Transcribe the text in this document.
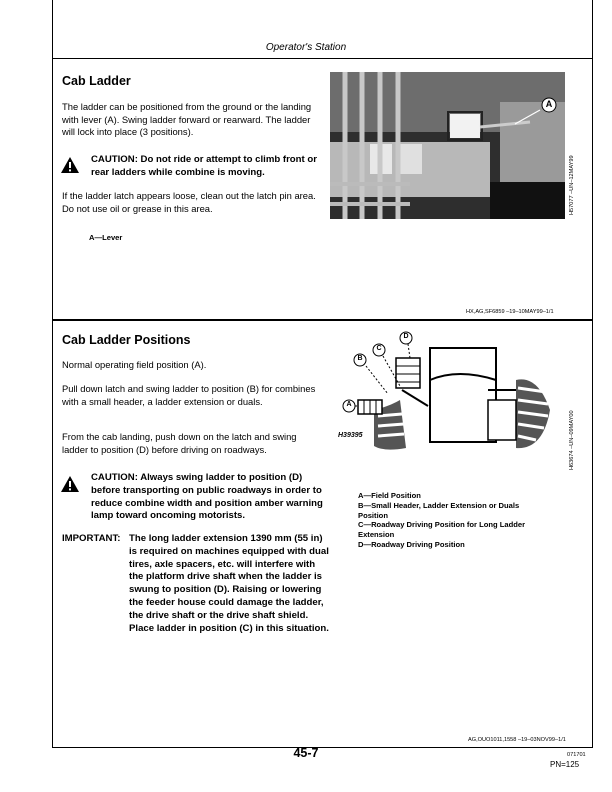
Operator's Station
Cab Ladder
The ladder can be positioned from the ground or the landing with lever (A). Swing ladder forward or rearward. The ladder will lock into place (3 positions).
CAUTION: Do not ride or attempt to climb front or rear ladders while combine is moving.
If the ladder latch appears loose, clean out the latch pin area. Do not use oil or grease in this area.
A—Lever
A
H57077 –UN–12MAY99
HX,AG,SF6859 –19–10MAY99–1/1
Cab Ladder Positions
Normal operating field position (A).
Pull down latch and swing ladder to position (B) for combines with a small header, a ladder extension or duals.
From the cab landing, push down on the latch and swing ladder to position (D) before driving on roadways.
CAUTION: Always swing ladder to position (D) before transporting on public roadways in order to reduce combine width and position amber warning lamp toward oncoming motorists.
IMPORTANT: The long ladder extension 1390 mm (55 in) is required on machines equipped with dual tires, axle spacers, etc. will interfere with the platform drive shaft when the ladder is swung to position (D). Raising or lowering the feeder house could damage the ladder, the drive shaft or the drive shaft shield. Place ladder in position (C) in this situation.
A
B
C
D
H39395	H63674 –UN–09MAY00
A—Field Position
B—Small Header, Ladder Extension or Duals Position
C—Roadway Driving Position for Long Ladder Extension
D—Roadway Driving Position
AG,OUO1011,1558 –19–03NOV99–1/1
45-7	071701
PN=125
